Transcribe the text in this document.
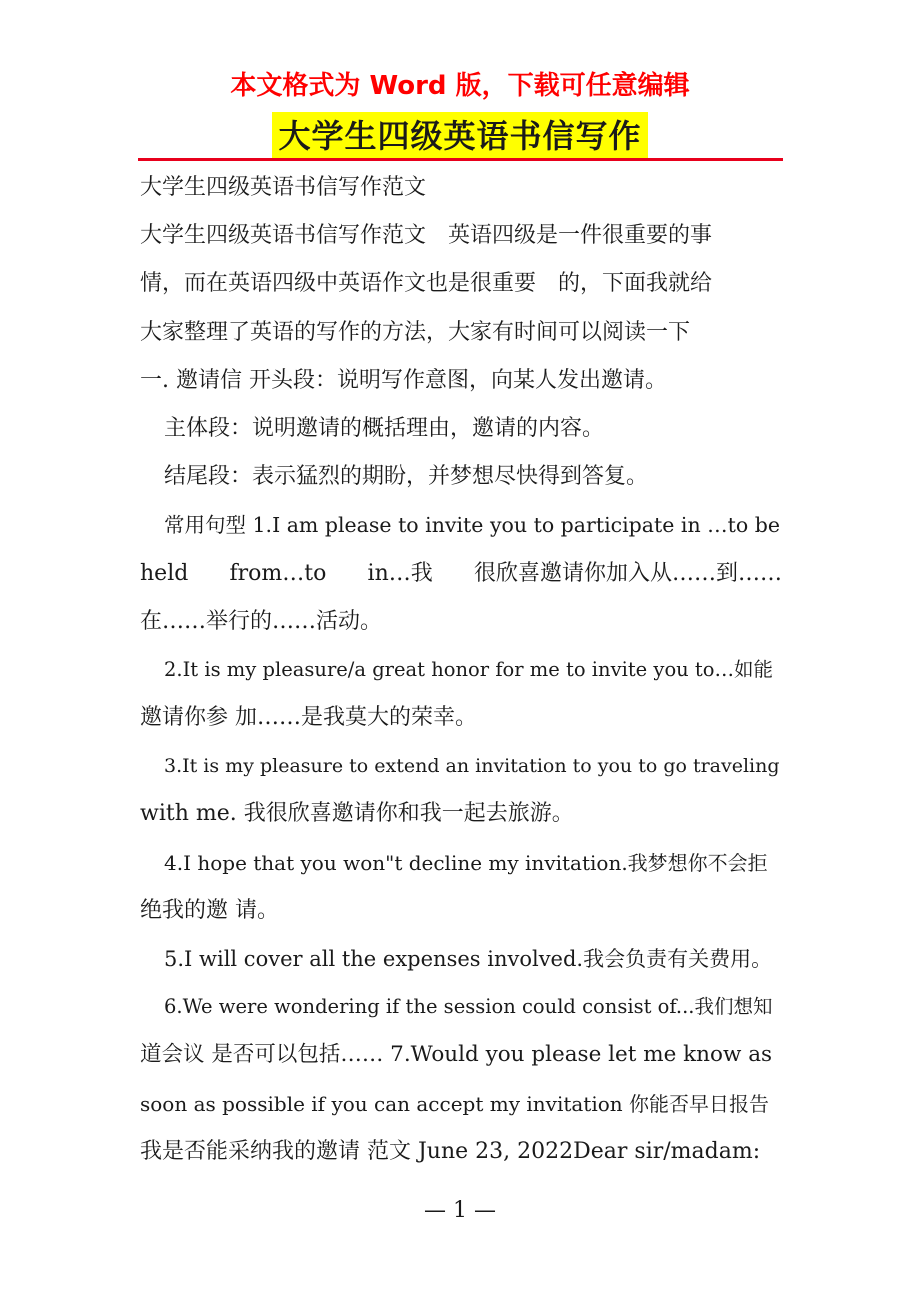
本文格式为 Word 版，下载可任意编辑
大学生四级英语书信写作
大学生四级英语书信写作范文
大学生四级英语书信写作范文　英语四级是一件很重要的事
情，而在英语四级中英语作文也是很重要　的，下面我就给
大家整理了英语的写作的方法，大家有时间可以阅读一下
一. 邀请信 开头段：说明写作意图，向某人发出邀请。
主体段：说明邀请的概括理由，邀请的内容。
结尾段：表示猛烈的期盼，并梦想尽快得到答复。
常用句型 1.I am please to invite you to participate in …to be
held from…to in…我 很欣喜邀请你加入从……到……
在……举行的……活动。
2.It is my pleasure/a great honor for me to invite you to…如能
邀请你参 加……是我莫大的荣幸。
3.It is my pleasure to extend an invitation to you to go traveling
with me. 我很欣喜邀请你和我一起去旅游。
4.I hope that you won"t decline my invitation.我梦想你不会拒
绝我的邀 请。
5.I will cover all the expenses involved.我会负责有关费用。
6.We were wondering if the session could consist of...我们想知
道会议 是否可以包括…… 7.Would you please let me know as
soon as possible if you can accept my invitation 你能否早日报告
我是否能采纳我的邀请 范文 June 23, 2022Dear sir/madam:
— 1 —
